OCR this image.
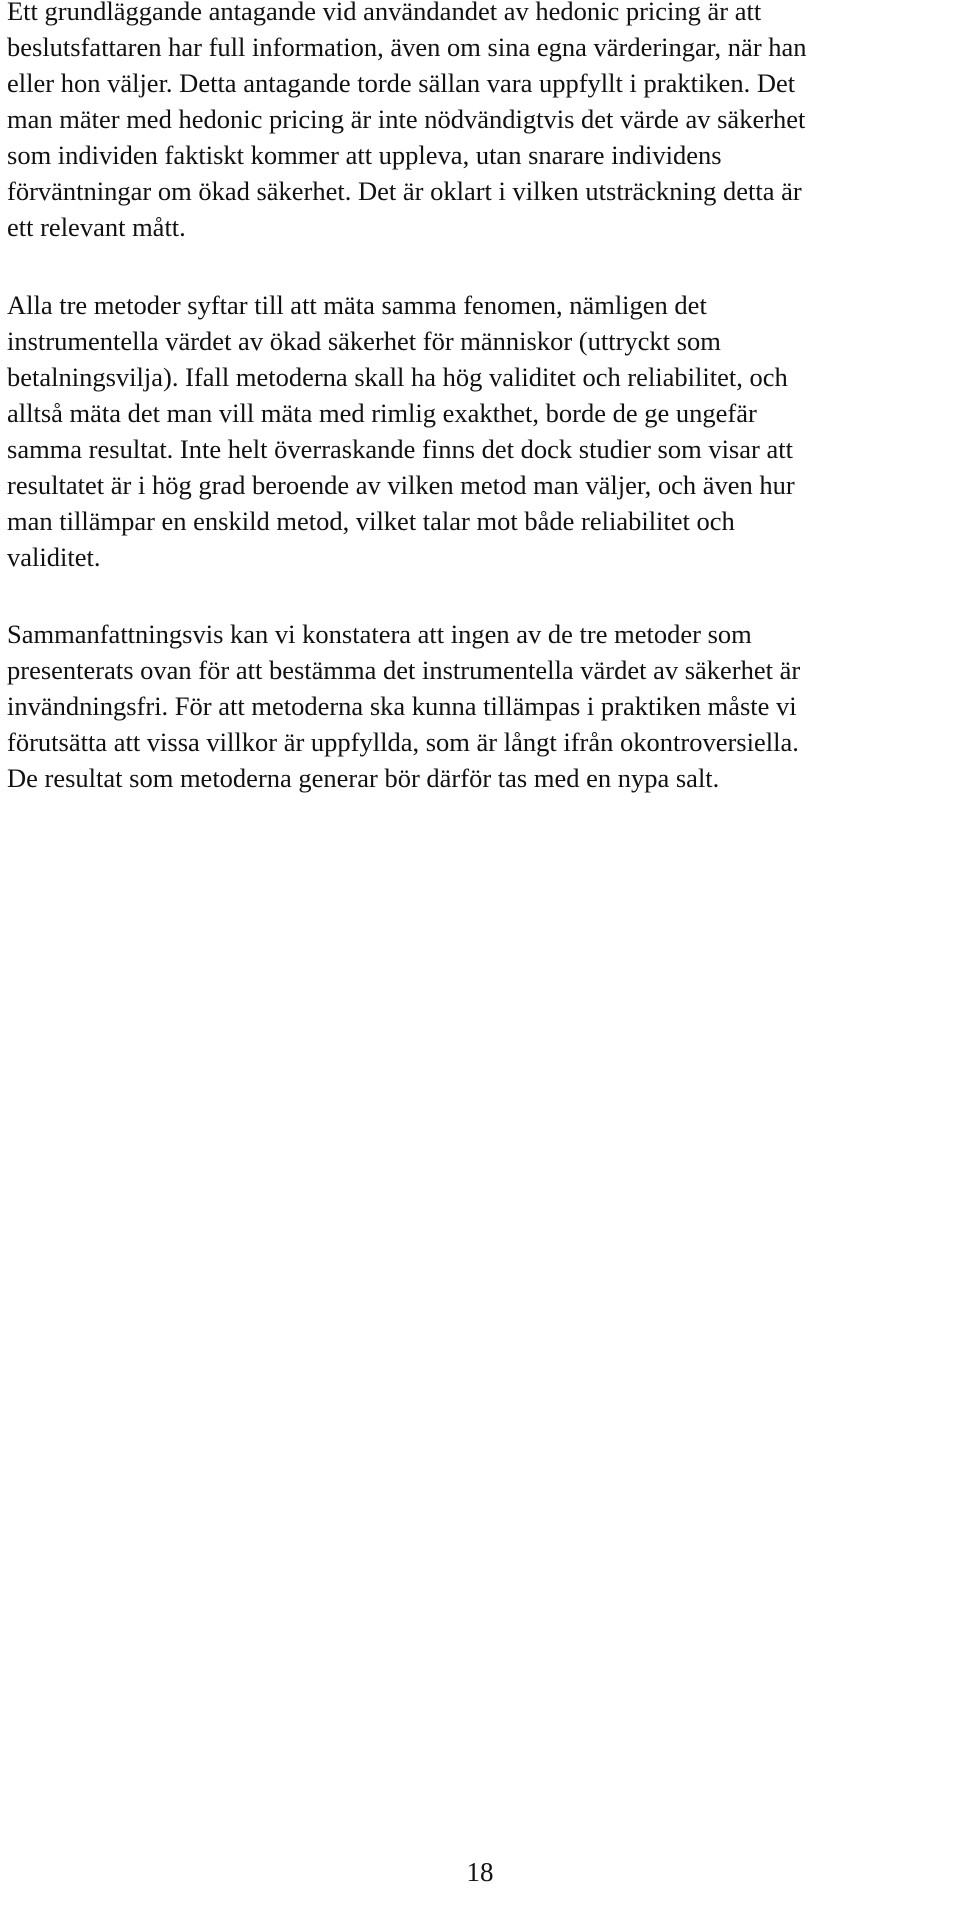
Ett grundläggande antagande vid användandet av hedonic pricing är att
beslutsfattaren har full information, även om sina egna värderingar, när han
eller hon väljer. Detta antagande torde sällan vara uppfyllt i praktiken. Det
man mäter med hedonic pricing är inte nödvändigtvis det värde av säkerhet
som individen faktiskt kommer att uppleva, utan snarare individens
förväntningar om ökad säkerhet. Det är oklart i vilken utsträckning detta är
ett relevant mått.
Alla tre metoder syftar till att mäta samma fenomen, nämligen det
instrumentella värdet av ökad säkerhet för människor (uttryckt som
betalningsvilja). Ifall metoderna skall ha hög validitet och reliabilitet, och
alltså mäta det man vill mäta med rimlig exakthet, borde de ge ungefär
samma resultat. Inte helt överraskande finns det dock studier som visar att
resultatet är i hög grad beroende av vilken metod man väljer, och även hur
man tillämpar en enskild metod, vilket talar mot både reliabilitet och
validitet.
Sammanfattningsvis kan vi konstatera att ingen av de tre metoder som
presenterats ovan för att bestämma det instrumentella värdet av säkerhet är
invändningsfri. För att metoderna ska kunna tillämpas i praktiken måste vi
förutsätta att vissa villkor är uppfyllda, som är långt ifrån okontroversiella.
De resultat som metoderna generar bör därför tas med en nypa salt.
18
